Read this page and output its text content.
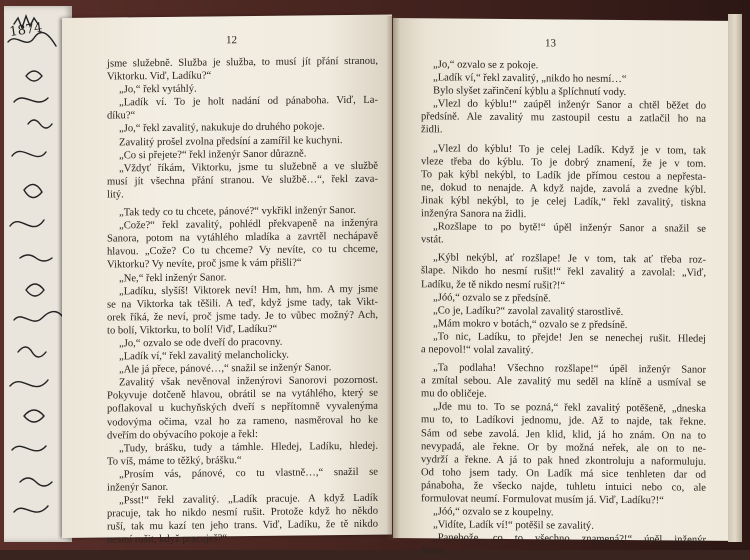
1874
12
jsme služebně. Služba je služba, to musí jít přání stranou,
Viktorku. Viď, Ladíku?“
„Jo,“ řekl vytáhlý.
„Ladík ví. To je holt nadání od pánaboha. Viď, La-
díku?“
„Jo,“ řekl zavalitý, nakukuje do druhého pokoje.
Zavalitý prošel zvolna předsíní a zamířil ke kuchyni.
„Co si přejete?“ řekl inženýr Sanor důrazně.
„Vždyť říkám, Viktorku, jsme tu služebně a ve službě
musí jít všechna přání stranou. Ve službě…“, řekl zava-
litý.
„Tak tedy co tu chcete, pánové?“ vykřikl inženýr Sanor.
„Cože?“ řekl zavalitý, pohlédl překvapeně na inženýra
Sanora, potom na vytáhlého mladíka a zavrtěl nechápavě
hlavou. „Cože? Co tu chceme? Vy nevíte, co tu chceme,
Viktorku? Vy nevíte, proč jsme k vám přišli?“
„Ne,“ řekl inženýr Sanor.
„Ladíku, slyšíš! Viktorek neví! Hm, hm, hm. A my jsme
se na Viktorka tak těšili. A teď, když jsme tady, tak Vikt-
orek říká, že neví, proč jsme tady. Je to vůbec možný? Ach,
to bolí, Viktorku, to bolí! Viď, Ladíku?“
„Jo,“ ozvalo se ode dveří do pracovny.
„Ladík ví,“ řekl zavalitý melancholicky.
„Ale já přece, pánové…,“ snažil se inženýr Sanor.
Zavalitý však nevěnoval inženýrovi Sanorovi pozornost.
Pokyvuje dotčeně hlavou, obrátil se na vytáhlého, který se
poflakoval u kuchyňských dveří s nepřítomně vyvalenýma
vodovýma očima, vzal ho za rameno, nasměroval ho ke
dveřím do obývacího pokoje a řekl:
„Tudy, brášku, tudy a támhle. Hledej, Ladíku, hledej.
To víš, máme to těžký, brášku.“
„Prosím vás, pánové, co tu vlastně…,“ snažil se
inženýr Sanor.
„Psst!“ řekl zavalitý. „Ladík pracuje. A když Ladík
pracuje, tak ho nikdo nesmí rušit. Protože když ho někdo
ruší, tak mu kazí ten jeho trans. Viď, Ladíku, že tě nikdo
nesmí rušit, když pracuješ?“
13
„Jo,“ ozvalo se z pokoje.
„Ladík ví,“ řekl zavalitý, „nikdo ho nesmí…“
Bylo slyšet zařinčení kýblu a šplíchnutí vody.
„Vlezl do kýblu!“ zaúpěl inženýr Sanor a chtěl běžet do
předsíně. Ale zavalitý mu zastoupil cestu a zatlačil ho na
židli.
„Vlezl do kýblu! To je celej Ladík. Když je v tom, tak
vleze třeba do kýblu. To je dobrý znamení, že je v tom.
To pak kýbl nekýbl, to Ladík jde přímou cestou a nepřesta-
ne, dokud to nenajde. A když najde, zavolá a zvedne kýbl.
Jinak kýbl nekýbl, to je celej Ladík,“ řekl zavalitý, tiskna
inženýra Sanora na židli.
„Rozšlape to po bytě!“ úpěl inženýr Sanor a snažil se
vstát.
„Kýbl nekýbl, ať rozšlape! Je v tom, tak ať třeba roz-
šlape. Nikdo ho nesmí rušit!“ řekl zavalitý a zavolal: „Viď,
Ladíku, že tě nikdo nesmí rušit?!“
„Jóó,“ ozvalo se z předsíně.
„Co je, Ladíku?“ zavolal zavalitý starostlivě.
„Mám mokro v botách,“ ozvalo se z předsíně.
„To nic, Ladíku, to přejde! Jen se nenechej rušit. Hledej
a nepovol!“ volal zavalitý.
„Ta podlaha! Všechno rozšlape!“ úpěl inženýr Sanor
a zmítal sebou. Ale zavalitý mu seděl na klíně a usmíval se
mu do obličeje.
„Jde mu to. To se pozná,“ řekl zavalitý potěšeně, „dneska
mu to, to Ladíkovi jednomu, jde. Až to najde, tak řekne.
Sám od sebe zavolá. Jen klid, klid, já ho znám. On na to
nevypadá, ale řekne. Or by možná neřek, ale on to ne-
vydrží a řekne. A já to pak hned zkontroluju a naformuluju.
Od toho jsem tady. On Ladík má sice tenhleten dar od
pánaboha, že všecko najde, tuhletu intuici nebo co, ale
formulovat neumí. Formulovat musím já. Viď, Ladíku?!“
„Jóó,“ ozvalo se z koupelny.
„Vidíte, Ladík ví!“ potěšil se zavalitý.
„Panebože, co to všechno znamená?!“ úpěl inženýr
Sanor.
